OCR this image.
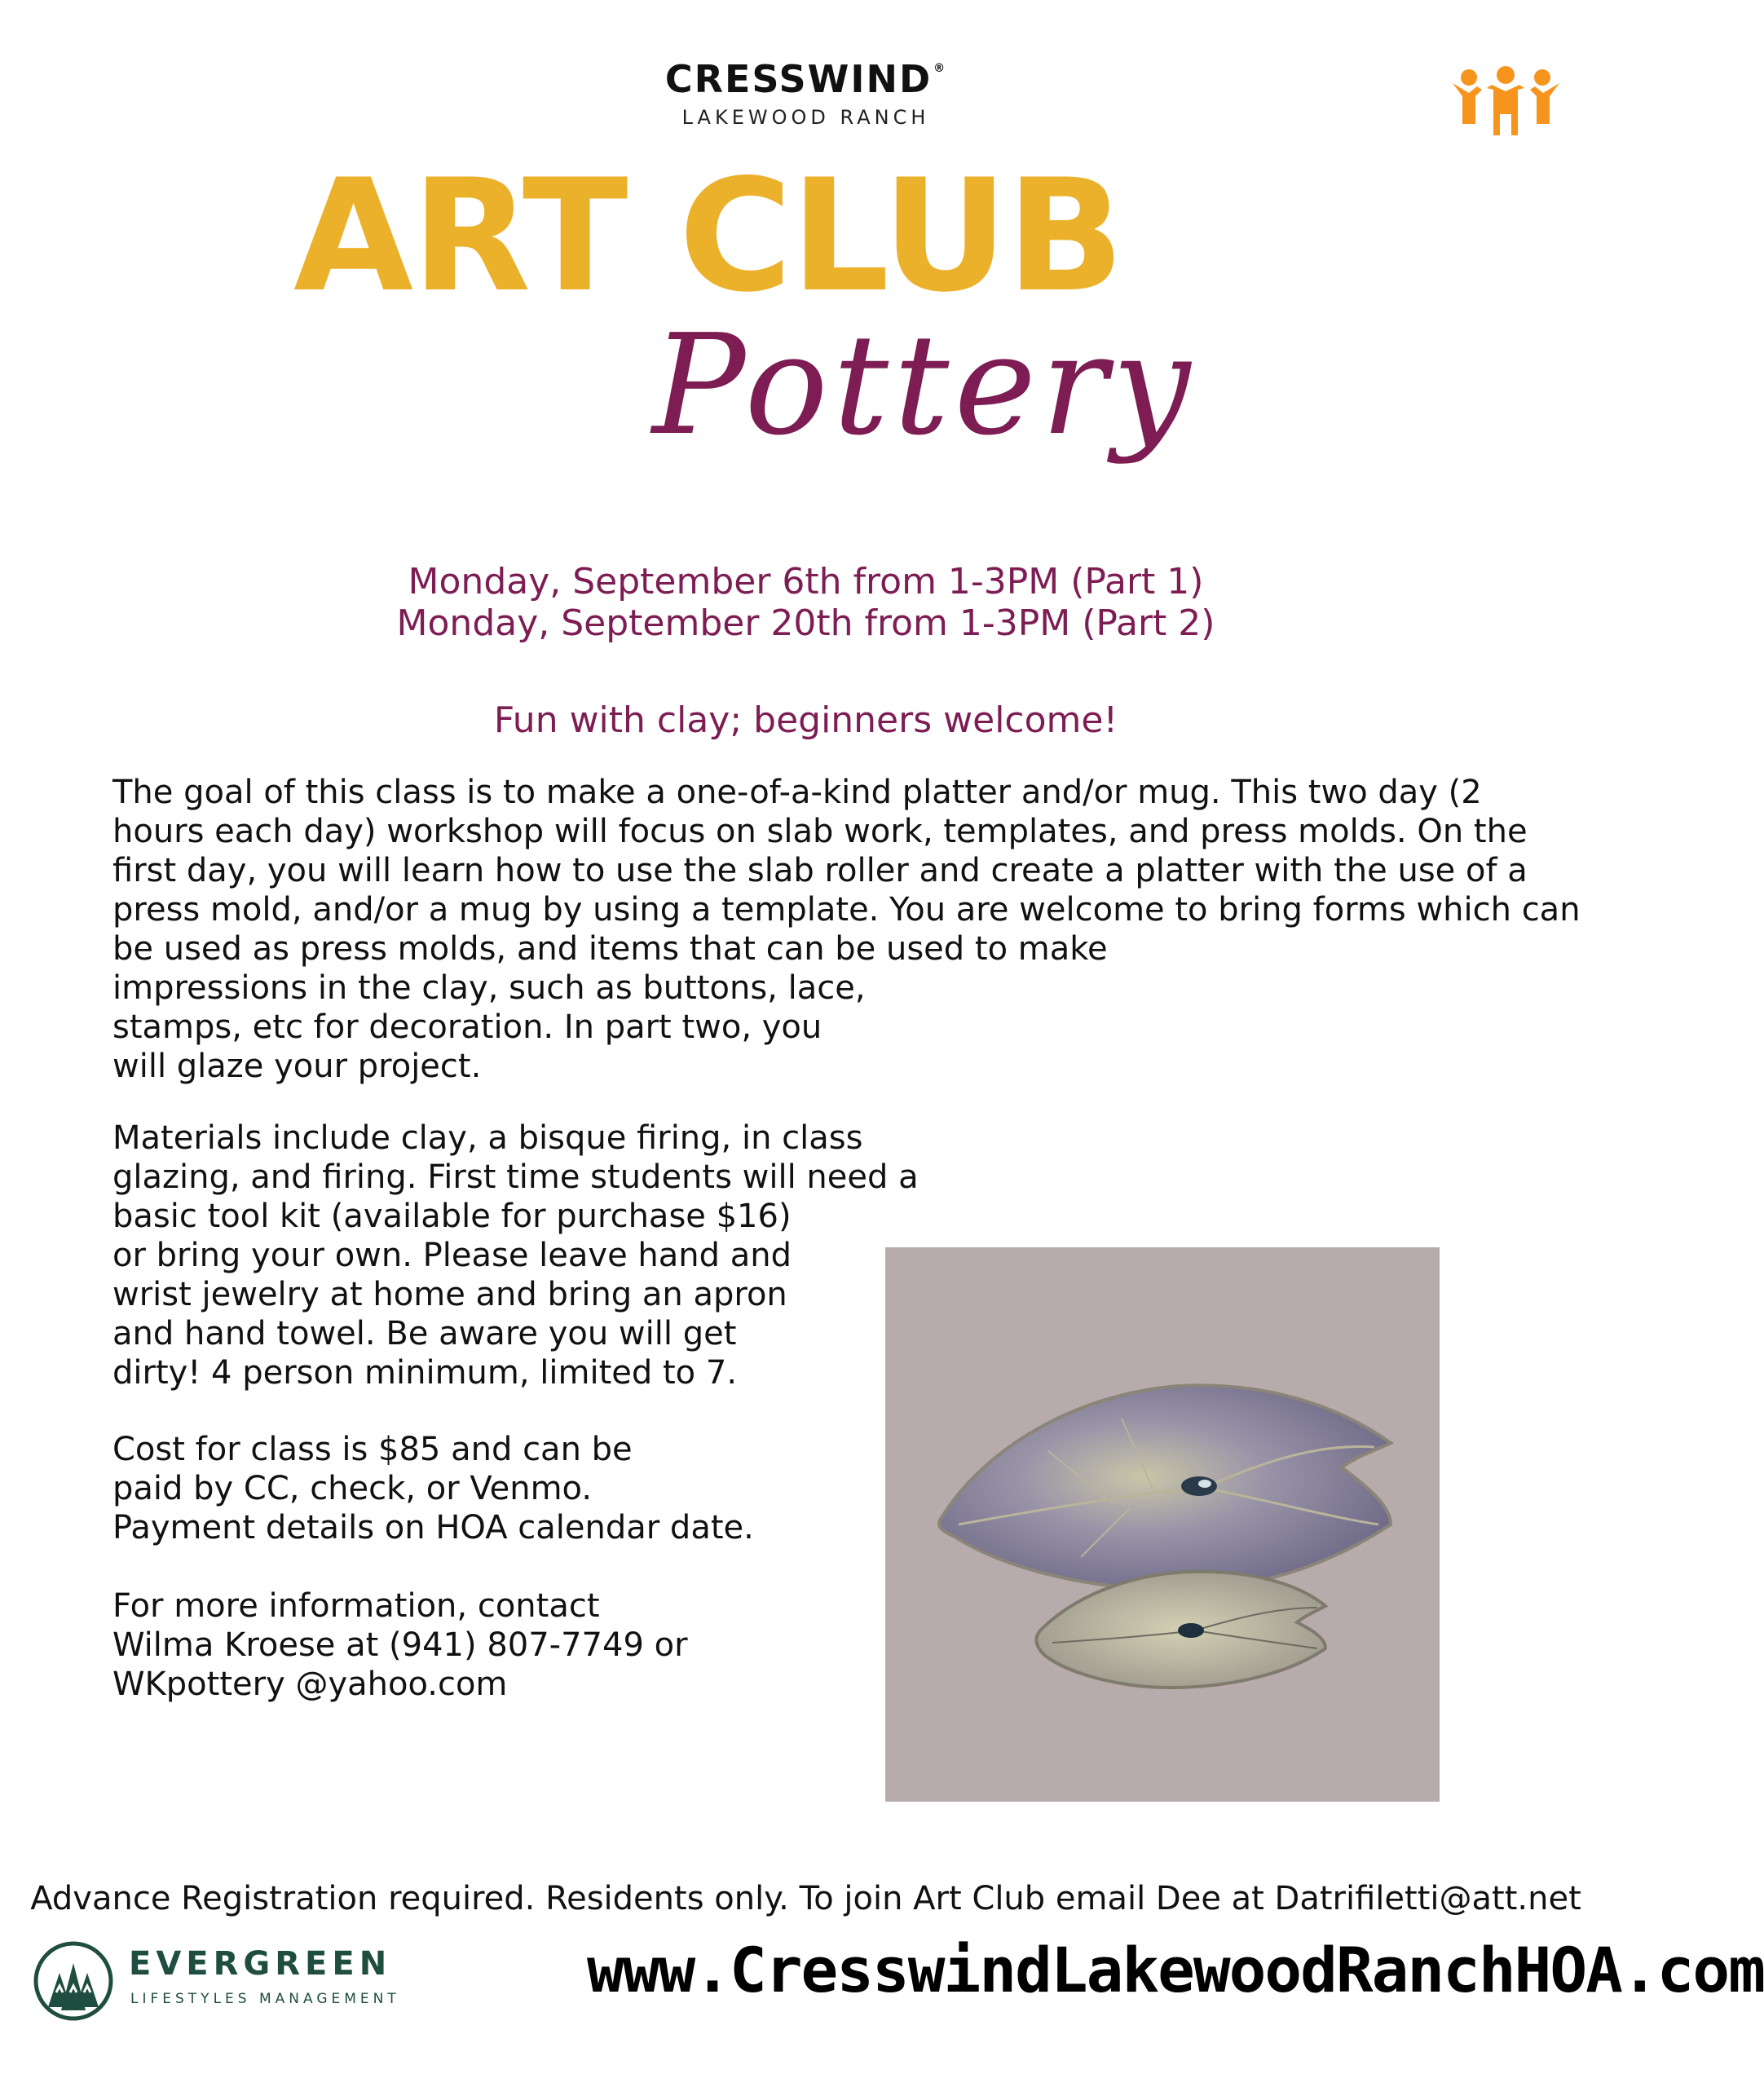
CRESSWIND ®
LAKEWOOD RANCH
ART CLUB
Pottery
Monday, September 6th from 1-3PM (Part 1)
Monday, September 20th from 1-3PM (Part 2)
Fun with clay; beginners welcome!
The goal of this class is to make a one-of-a-kind platter and/or mug. This two day (2
hours each day) workshop will focus on slab work, templates, and press molds. On the
first day, you will learn how to use the slab roller and create a platter with the use of a
press mold, and/or a mug by using a template. You are welcome to bring forms which can
be used as press molds, and items that can be used to make
impressions in the clay, such as buttons, lace,
stamps, etc for decoration. In part two, you
will glaze your project.
Materials include clay, a bisque firing, in class
glazing, and firing. First time students will need a
basic tool kit (available for purchase $16)
or bring your own. Please leave hand and
wrist jewelry at home and bring an apron
and hand towel. Be aware you will get
dirty! 4 person minimum, limited to 7.
Cost for class is $85 and can be
paid by CC, check, or Venmo.
Payment details on HOA calendar date.
For more information, contact
Wilma Kroese at (941) 807-7749 or
WKpottery @yahoo.com
Advance Registration required. Residents only. To join Art Club email Dee at Datrifiletti@att.net
EVERGREEN
LIFESTYLES MANAGEMENT	www.CresswindLakewoodRanchHOA.com
